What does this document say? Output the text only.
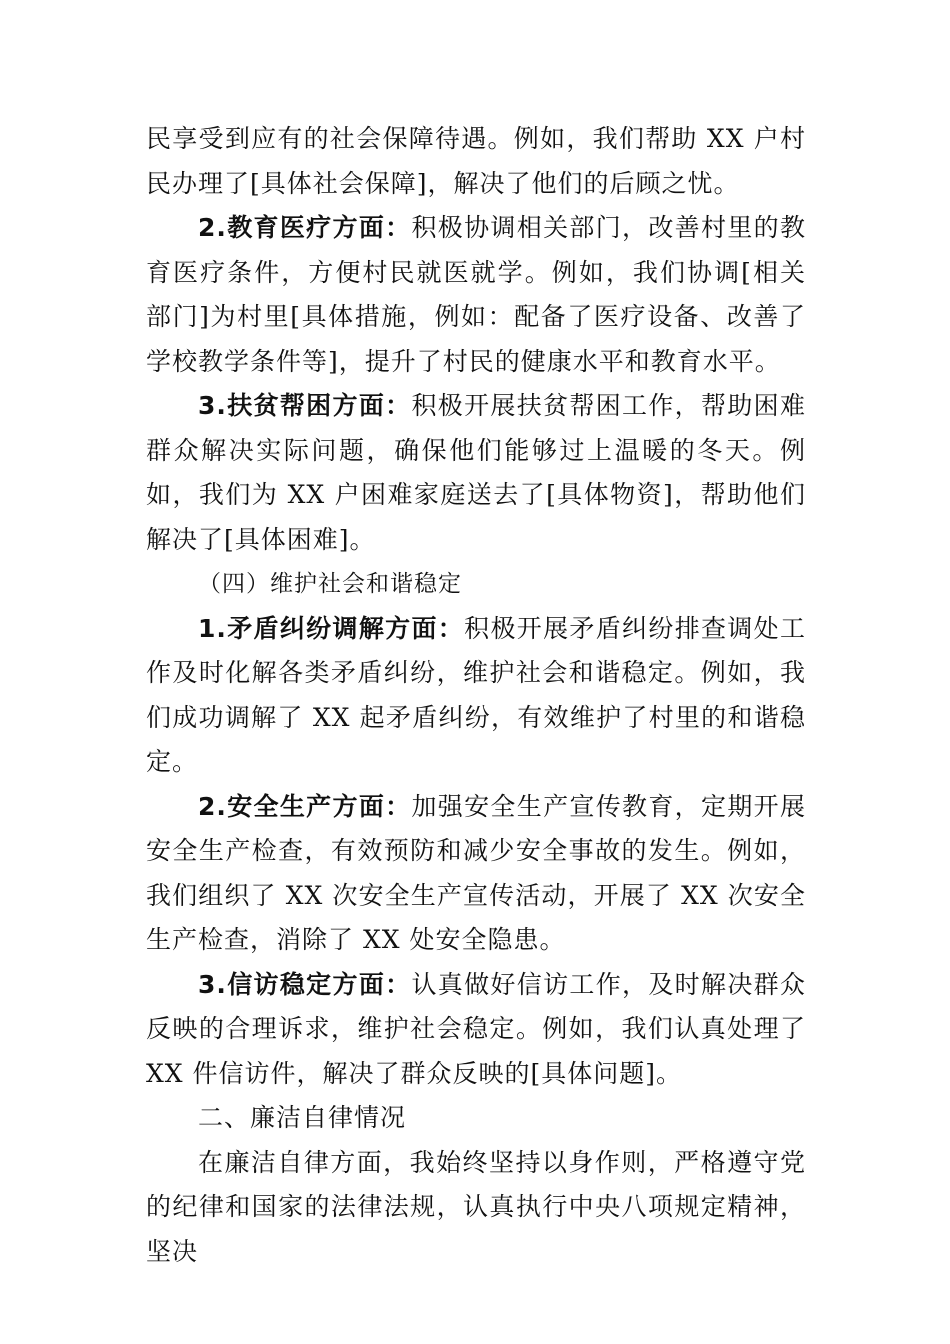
民享受到应有的社会保障待遇。例如，我们帮助 XX 户村民办理了[具体社会保障]，解决了他们的后顾之忧。

2.教育医疗方面：积极协调相关部门，改善村里的教育医疗条件，方便村民就医就学。例如，我们协调[相关部门]为村里[具体措施，例如：配备了医疗设备、改善了学校教学条件等]，提升了村民的健康水平和教育水平。

3.扶贫帮困方面：积极开展扶贫帮困工作，帮助困难群众解决实际问题，确保他们能够过上温暖的冬天。例如，我们为 XX 户困难家庭送去了[具体物资]，帮助他们解决了[具体困难]。

（四）维护社会和谐稳定

1.矛盾纠纷调解方面：积极开展矛盾纠纷排查调处工作及时化解各类矛盾纠纷，维护社会和谐稳定。例如，我们成功调解了 XX 起矛盾纠纷，有效维护了村里的和谐稳定。

2.安全生产方面：加强安全生产宣传教育，定期开展安全生产检查，有效预防和减少安全事故的发生。例如，我们组织了 XX 次安全生产宣传活动，开展了 XX 次安全生产检查，消除了 XX 处安全隐患。

3.信访稳定方面：认真做好信访工作，及时解决群众反映的合理诉求，维护社会稳定。例如，我们认真处理了 XX 件信访件，解决了群众反映的[具体问题]。

二、廉洁自律情况

在廉洁自律方面，我始终坚持以身作则，严格遵守党的纪律和国家的法律法规，认真执行中央八项规定精神，坚决
